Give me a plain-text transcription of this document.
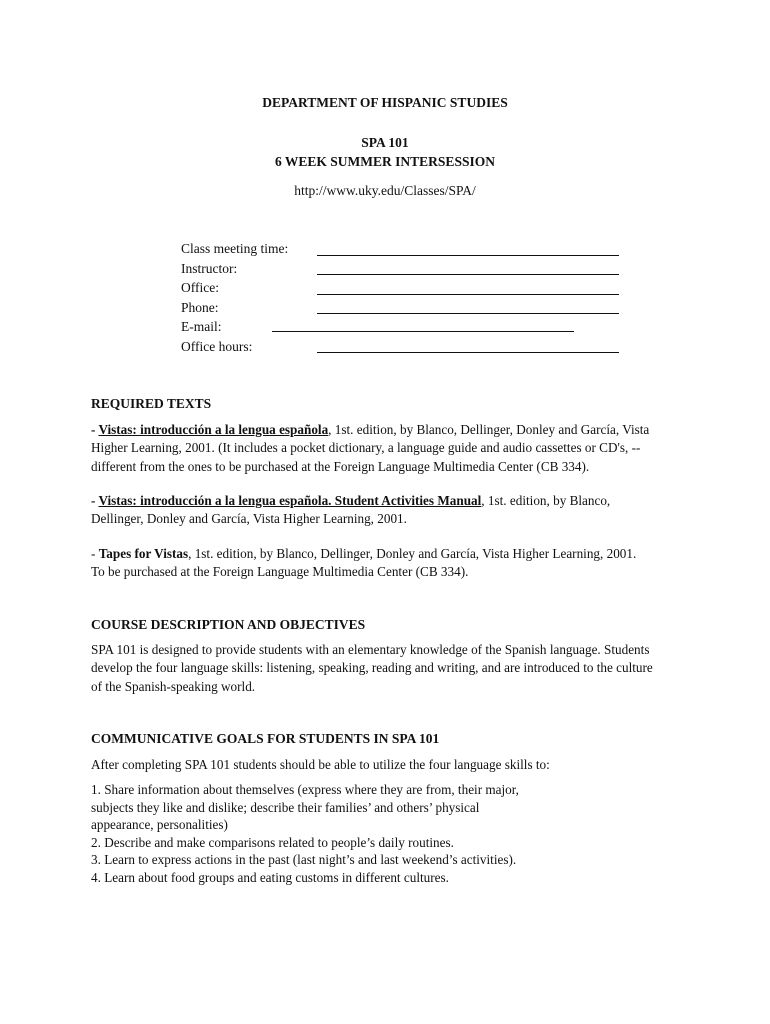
DEPARTMENT OF HISPANIC STUDIES
SPA 101
6 WEEK SUMMER INTERSESSION
http://www.uky.edu/Classes/SPA/
Class meeting time:
Instructor:
Office:
Phone:
E-mail:
Office hours:
REQUIRED TEXTS
- Vistas: introducción a la lengua española, 1st. edition, by Blanco, Dellinger, Donley and García, Vista
Higher Learning, 2001. (It includes a pocket dictionary, a language guide and audio cassettes or CD's, --
different from the ones to be purchased at the Foreign Language Multimedia Center (CB 334).
- Vistas: introducción a la lengua española. Student Activities Manual, 1st. edition, by Blanco,
Dellinger, Donley and García, Vista Higher Learning, 2001.
- Tapes for Vistas, 1st. edition, by Blanco, Dellinger, Donley and García, Vista Higher Learning, 2001.
To be purchased at the Foreign Language Multimedia Center (CB 334).
COURSE DESCRIPTION AND OBJECTIVES
SPA 101 is designed to provide students with an elementary knowledge of the Spanish language. Students
develop the four language skills: listening, speaking, reading and writing, and are introduced to the culture
of the Spanish-speaking world.
COMMUNICATIVE GOALS FOR STUDENTS IN SPA 101
After completing SPA 101 students should be able to utilize the four language skills to:
1. Share information about themselves (express where they are from, their major,
subjects they like and dislike; describe their families’ and others’ physical
appearance, personalities)
2. Describe and make comparisons related to people’s daily routines.
3. Learn to express actions in the past (last night’s and last weekend’s activities).
4. Learn about food groups and eating customs in different cultures.
